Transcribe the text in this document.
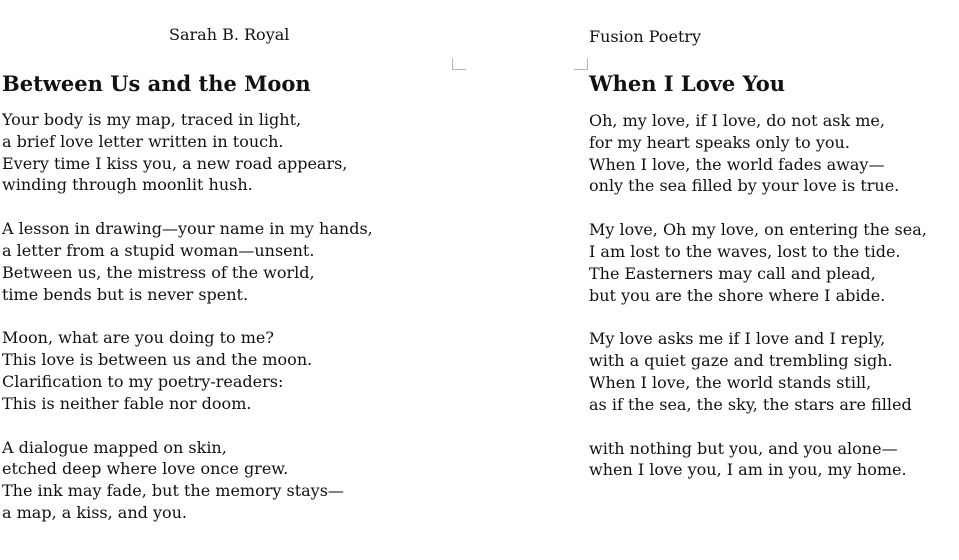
Sarah B. Royal
Between Us and the Moon
Your body is my map, traced in light,
a brief love letter written in touch.
Every time I kiss you, a new road appears,
winding through moonlit hush.
A lesson in drawing—your name in my hands,
a letter from a stupid woman—unsent.
Between us, the mistress of the world,
time bends but is never spent.
Moon, what are you doing to me?
This love is between us and the moon.
Clarification to my poetry-readers:
This is neither fable nor doom.
A dialogue mapped on skin,
etched deep where love once grew.
The ink may fade, but the memory stays—
a map, a kiss, and you.
Fusion Poetry
When I Love You
Oh, my love, if I love, do not ask me,
for my heart speaks only to you.
When I love, the world fades away—
only the sea filled by your love is true.
My love, Oh my love, on entering the sea,
I am lost to the waves, lost to the tide.
The Easterners may call and plead,
but you are the shore where I abide.
My love asks me if I love and I reply,
with a quiet gaze and trembling sigh.
When I love, the world stands still,
as if the sea, the sky, the stars are filled
with nothing but you, and you alone—
when I love you, I am in you, my home.
